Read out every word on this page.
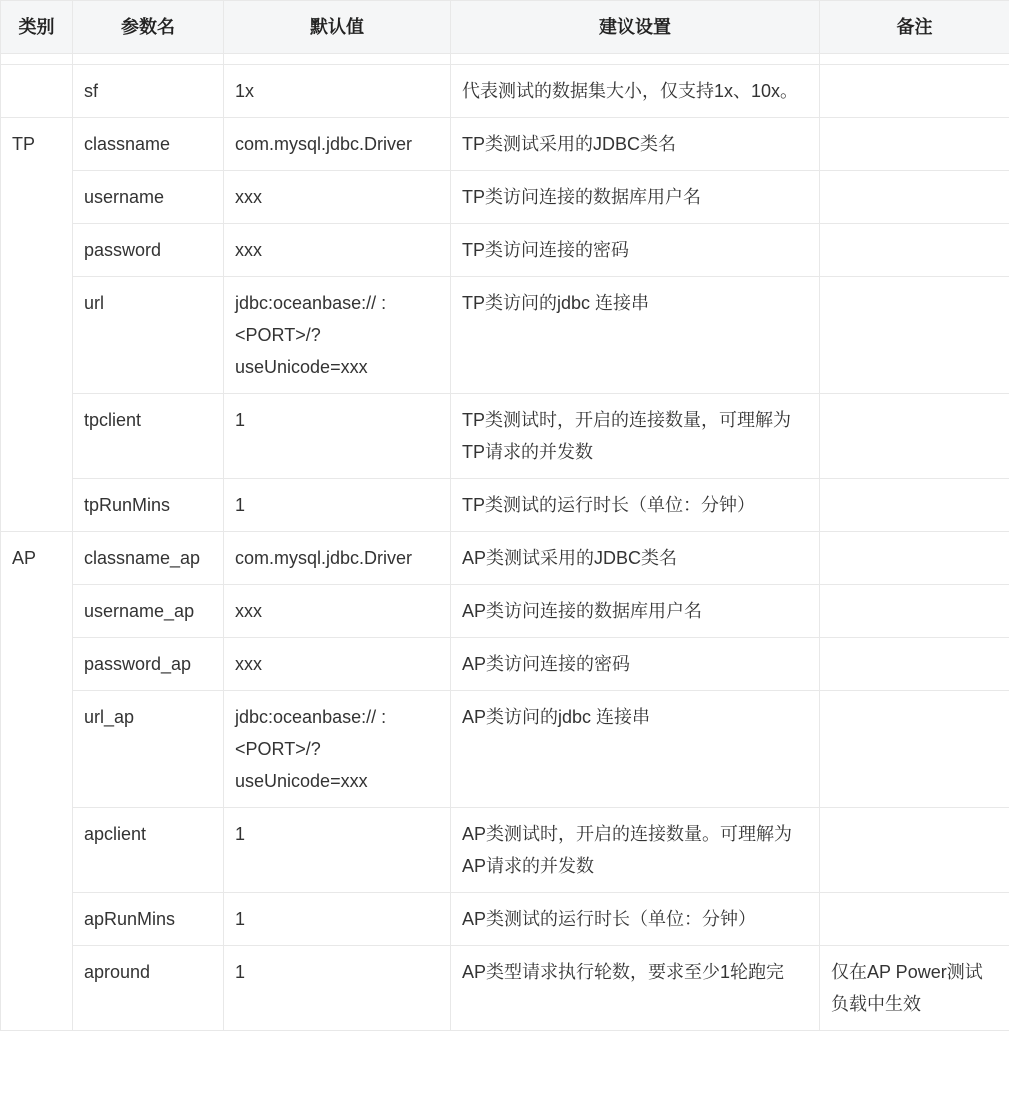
类别	参数名	默认值	建议设置	备注

	sf	1x	代表测试的数据集大小，仅支持1x、10x。	
TP	classname	com.mysql.jdbc.Driver	TP类测试采用的JDBC类名	
	username	xxx	TP类访问连接的数据库用户名	
	password	xxx	TP类访问连接的密码	
	url	jdbc:oceanbase:// :<PORT>/?useUnicode=xxx	TP类访问的jdbc 连接串	
	tpclient	1	TP类测试时，开启的连接数量，可理解为TP请求的并发数	
	tpRunMins	1	TP类测试的运行时长（单位：分钟）	
AP	classname_ap	com.mysql.jdbc.Driver	AP类测试采用的JDBC类名	
	username_ap	xxx	AP类访问连接的数据库用户名	
	password_ap	xxx	AP类访问连接的密码	
	url_ap	jdbc:oceanbase:// :<PORT>/?useUnicode=xxx	AP类访问的jdbc 连接串	
	apclient	1	AP类测试时，开启的连接数量。可理解为AP请求的并发数	
	apRunMins	1	AP类测试的运行时长（单位：分钟）	
	apround	1	AP类型请求执行轮数，要求至少1轮跑完	仅在AP Power测试负载中生效
